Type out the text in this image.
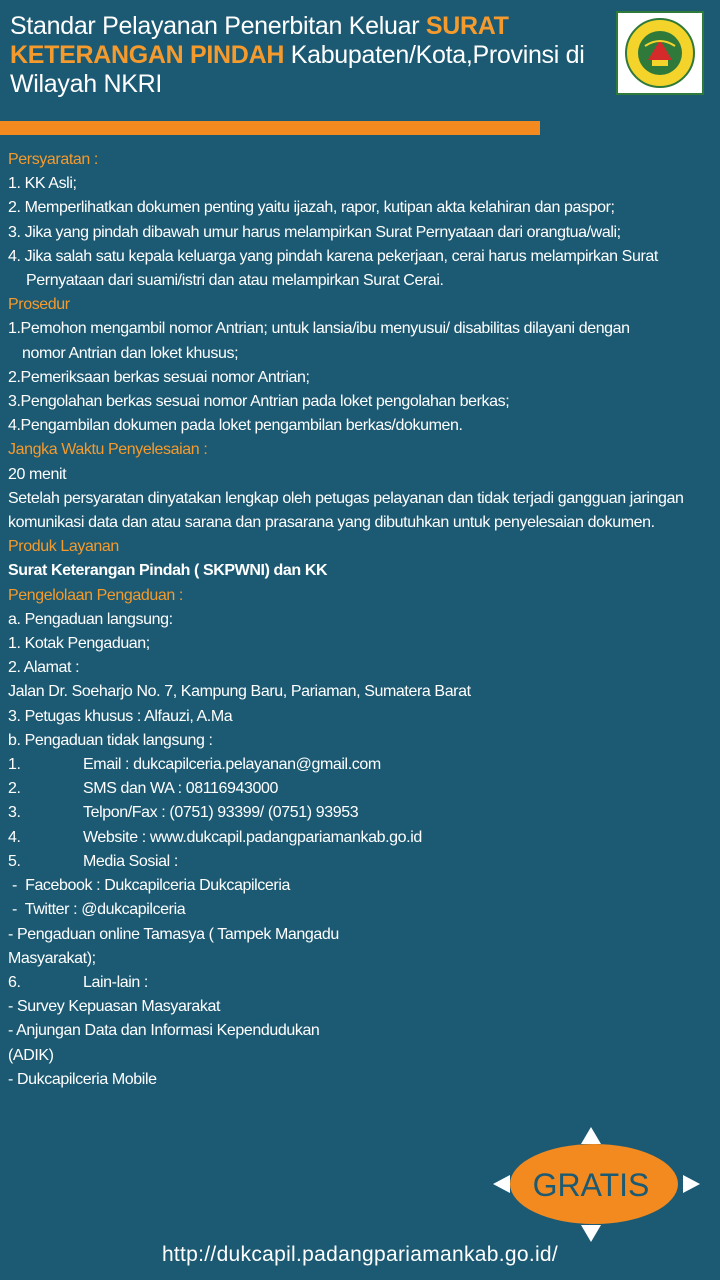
Standar Pelayanan Penerbitan Keluar SURAT KETERANGAN PINDAH Kabupaten/Kota,Provinsi di Wilayah NKRI
Persyaratan :
1. KK Asli;
2. Memperlihatkan dokumen penting yaitu ijazah, rapor, kutipan akta kelahiran dan paspor;
3. Jika yang pindah dibawah umur harus melampirkan Surat Pernyataan dari orangtua/wali;
4. Jika salah satu kepala keluarga yang pindah karena pekerjaan, cerai harus melampirkan Surat
Pernyataan dari suami/istri dan atau melampirkan Surat Cerai.
Prosedur
1.Pemohon mengambil nomor Antrian; untuk lansia/ibu menyusui/ disabilitas dilayani dengan
nomor Antrian dan loket khusus;
2.Pemeriksaan berkas sesuai nomor Antrian;
3.Pengolahan berkas sesuai nomor Antrian pada loket pengolahan berkas;
4.Pengambilan dokumen pada loket pengambilan berkas/dokumen.
Jangka Waktu Penyelesaian :
20 menit
Setelah persyaratan dinyatakan lengkap oleh petugas pelayanan dan tidak terjadi gangguan jaringan komunikasi data dan atau sarana dan prasarana yang dibutuhkan untuk penyelesaian dokumen.
Produk Layanan
Surat Keterangan Pindah ( SKPWNI) dan KK
Pengelolaan Pengaduan :
a. Pengaduan langsung:
1. Kotak Pengaduan;
2. Alamat :
Jalan Dr. Soeharjo No. 7, Kampung Baru, Pariaman, Sumatera Barat
3. Petugas khusus : Alfauzi, A.Ma
b. Pengaduan tidak langsung :
1.	Email : dukcapilceria.pelayanan@gmail.com
2.	SMS dan WA : 08116943000
3.	Telpon/Fax : (0751) 93399/ (0751) 93953
4.	Website : www.dukcapil.padangpariamankab.go.id
5.	Media Sosial :
-  Facebook : Dukcapilceria Dukcapilceria
-  Twitter : @dukcapilceria
- Pengaduan online Tamasya ( Tampek Mangadu
Masyarakat);
6.	Lain-lain :
- Survey Kepuasan Masyarakat
- Anjungan Data dan Informasi Kependudukan
(ADIK)
- Dukcapilceria Mobile
GRATIS
http://dukcapil.padangpariamankab.go.id/
